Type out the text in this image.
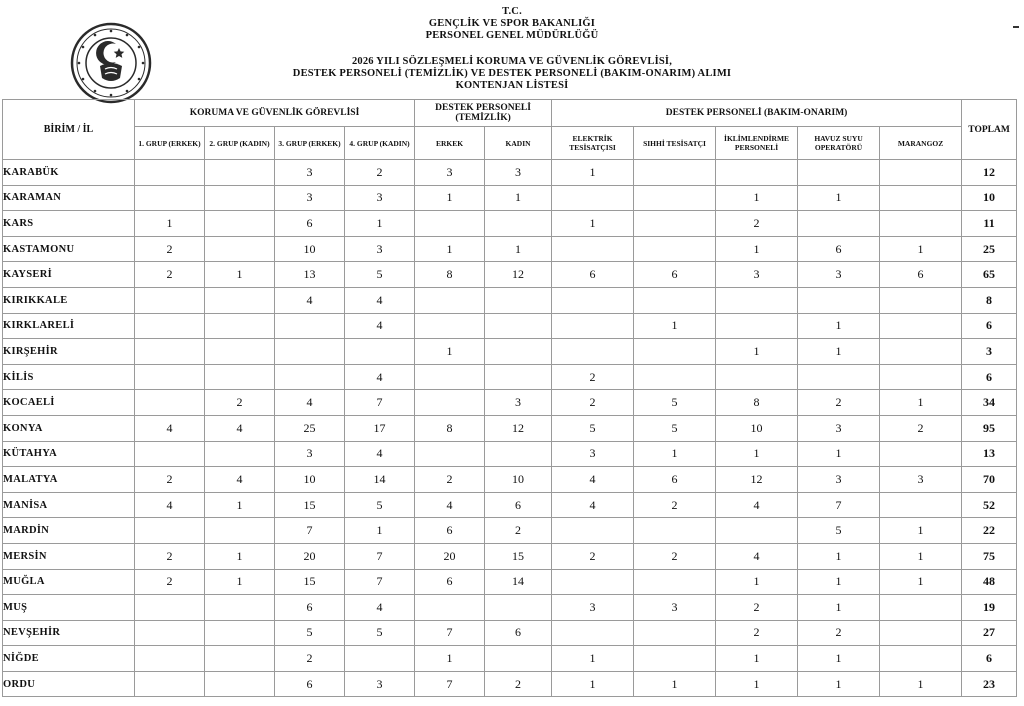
T.C.
GENÇLİK VE SPOR BAKANLIĞI
PERSONEL GENEL MÜDÜRLÜĞÜ
2026 YILI SÖZLEŞMELİ KORUMA VE GÜVENLİK GÖREVLİSİ,
DESTEK PERSONELİ (TEMİZLİK) VE DESTEK PERSONELİ (BAKIM-ONARIM) ALIMI
KONTENJAN LİSTESİ
BİRİM / İL	KORUMA VE GÜVENLİK GÖREVLİSİ				DESTEK PERSONELİ (TEMİZLİK)		DESTEK PERSONELİ (BAKIM-ONARIM)					TOPLAM
	1. GRUP (ERKEK)	2. GRUP (KADIN)	3. GRUP (ERKEK)	4. GRUP (KADIN)	ERKEK	KADIN	ELEKTRİK TESİSATÇISI	SIHHİ TESİSATÇI	İKLİMLENDİRME PERSONELİ	HAVUZ SUYU OPERATÖRÜ	MARANGOZ	
KARABÜK			3	2	3	3	1					12
KARAMAN			3	3	1	1			1	1		10
KARS	1		6	1			1		2			11
KASTAMONU	2		10	3	1	1			1	6	1	25
KAYSERİ	2	1	13	5	8	12	6	6	3	3	6	65
KIRIKKALE			4	4								8
KIRKLARELİ				4				1		1		6
KIRŞEHİR					1				1	1		3
KİLİS				4			2					6
KOCAELİ		2	4	7		3	2	5	8	2	1	34
KONYA	4	4	25	17	8	12	5	5	10	3	2	95
KÜTAHYA			3	4			3	1	1	1		13
MALATYA	2	4	10	14	2	10	4	6	12	3	3	70
MANİSA	4	1	15	5	4	6	4	2	4	7		52
MARDİN			7	1	6	2				5	1	22
MERSİN	2	1	20	7	20	15	2	2	4	1	1	75
MUĞLA	2	1	15	7	6	14			1	1	1	48
MUŞ			6	4			3	3	2	1		19
NEVŞEHİR			5	5	7	6			2	2		27
NİĞDE			2		1		1		1	1		6
ORDU			6	3	7	2	1	1	1	1	1	23
